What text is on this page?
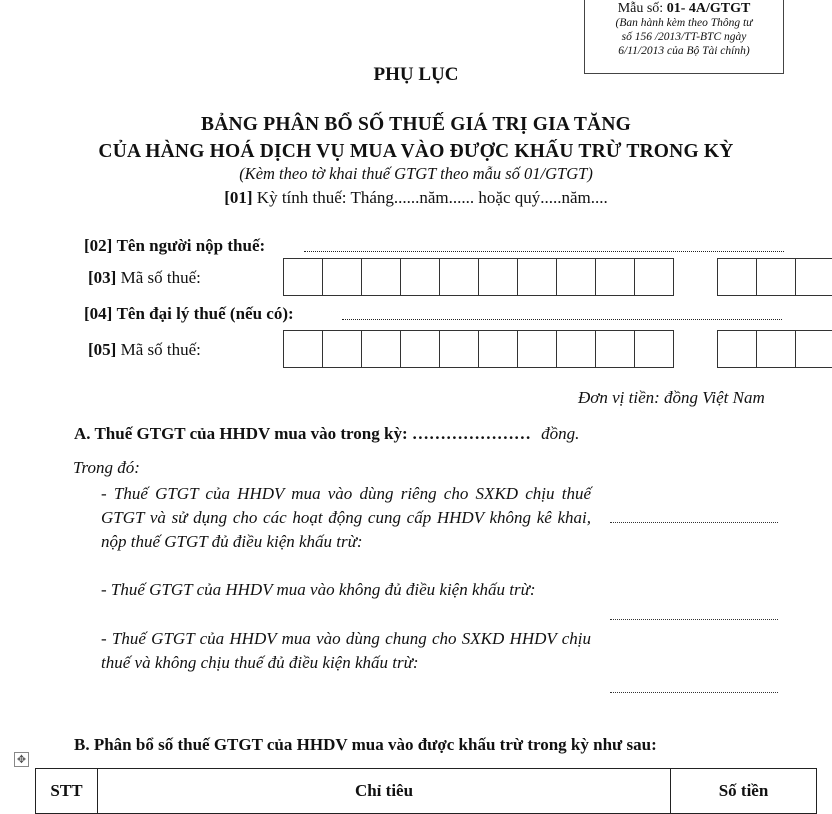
Mẫu số: 01- 4A/GTGT
(Ban hành kèm theo Thông tư
số 156 /2013/TT-BTC ngày
6/11/2013 của Bộ Tài chính)
PHỤ LỤC
BẢNG PHÂN BỔ SỐ THUẾ GIÁ TRỊ GIA TĂNG
CỦA HÀNG HOÁ DỊCH VỤ MUA VÀO ĐƯỢC KHẤU TRỪ TRONG KỲ
(Kèm theo tờ khai thuế GTGT theo mẫu số 01/GTGT)
[01] Kỳ tính thuế: Tháng......năm...... hoặc quý.....năm....
[02] Tên người nộp thuế:
[03] Mã số thuế:
[04] Tên đại lý thuế (nếu có):
[05] Mã số thuế:
Đơn vị tiền: đồng Việt Nam
A. Thuế GTGT của HHDV mua vào trong kỳ: ………………… đồng.
Trong đó:
- Thuế GTGT của HHDV mua vào dùng riêng cho SXKD chịu thuế GTGT và sử dụng cho các hoạt động cung cấp HHDV không kê khai, nộp thuế GTGT đủ điều kiện khấu trừ:
- Thuế GTGT của HHDV mua vào không đủ điều kiện khấu trừ:
- Thuế GTGT của HHDV mua vào dùng chung cho SXKD HHDV chịu thuế và không chịu thuế đủ điều kiện khấu trừ:
B. Phân bổ số thuế GTGT của HHDV mua vào được khấu trừ trong kỳ như sau:
✥
STT	Chỉ tiêu	Số tiền
